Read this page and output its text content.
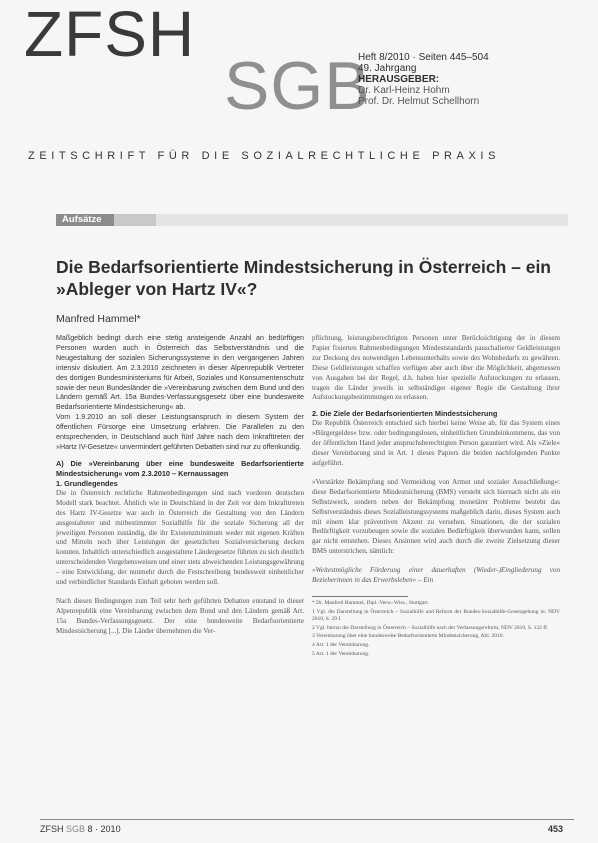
ZFSH
SGB
Heft 8/2010 · Seiten 445–504
49. Jahrgang
HERAUSGEBER:
Dr. Karl-Heinz Hohm
Prof. Dr. Helmut Schellhorn
ZEITSCHRIFT FÜR DIE SOZIALRECHTLICHE PRAXIS
Aufsätze
Die Bedarfsorientierte Mindestsicherung in Österreich – ein »Ableger von Hartz IV«?
Manfred Hammel*

Maßgeblich bedingt durch eine stetig ansteigende Anzahl an bedürftigen Personen wurden auch in Österreich das Selbstverständnis und die Neugestaltung der sozialen Sicherungssysteme in den vergangenen Jahren intensiv diskutiert. Am 2.3.2010 zeichneten in dieser Alpenrepublik Vertreter des dortigen Bundesministeriums für Arbeit, Soziales und Konsumentenschutz sowie der neun Bundesländer die »Vereinbarung zwischen dem Bund und den Ländern gemäß Art. 15a Bundes-Verfassungsgesetz über eine bundesweite Bedarfsorientierte Mindestsicherung« ab.

Vom 1.9.2010 an soll dieser Leistungsanspruch in diesem System der öffentlichen Fürsorge eine Umsetzung erfahren. Die Parallelen zu den entsprechenden, in Deutschland auch fünf Jahre nach dem Inkrafttreten der »Hartz IV-Gesetze« unvermindert geführten Debatten sind nur zu offenkundig.

A) Die »Vereinbarung über eine bundesweite Bedarfsorientierte Mindestsicherung« vom 2.3.2010 – Kernaussagen

1. Grundlegendes

Die in Österreich rechtliche Rahmenbedingungen sind nach vorderen deutschen Modell stark beachtet. Ähnlich wie in Deutschland in der Zeit vor dem Inkrafttreten des Hartz IV-Gesetze war auch in Österreich die Gestaltung von den Ländern ausgestalteter und mitbestimmter Sozialhilfe für die soziale Sicherung all der jeweiligen Personen zuständig, die ihr Existenzminimum weder mit eigenen Kräften und Mitteln noch über Leistungen der gesetzlichen Sozialversicherung decken konnten. Inhaltlich unterschiedlich ausgestaltete Ländergesetze führten zu sich deutlich unterscheidenden Vorgehensweisen und einer stets abweichenden Leistungsgewährung – eine Entwicklung, der nunmehr durch die Festschreibung bundesweit einheitlicher und verbindlicher Standards Einhalt geboten werden soll.

Nach diesen Bedingungen zum Teil sehr herb geführten Debatten entstand in dieser Alpenrepublik eine Vereinbarung zwischen dem Bund und den Ländern gemäß Art. 15a Bundes-Verfassungsgesetz. Der eine bundesweite Bedarfsorientierte Mindestsicherung [...]. Die Länder übernehmen die Ver-

pflichtung, leistungsberechtigten Personen unter Berücksichtigung der in diesem Papier fixierten Rahmenbedingungen Mindeststandards pauschalierter Geldleistungen zur Deckung des notwendigen Lebensunterhalts sowie des Wohnbedarfs zu gewähren. Diese Geldleistungen schaffen verfügen aber auch über die Möglichkeit, abgemessen von Ausgaben bei der Regel, d.h. haben hier spezielle Aufstockungen zu erlassen, tragen die Länder jeweils in selbständiger eigener Regie die Gestaltung ihrer Aufstockungsbestimmungen zu erlassen.

2. Die Ziele der Bedarfsorientierten Mindestsicherung

Die Republik Österreich entschied sich hierbei keine Weise ab, für das System eines »Bürgergeldes« bzw. oder bedingungslosen, einheitlichen Grundeinkommens, das von der öffentlichen Hand jeder anspruchsberechtigten Person garantiert wird. Als »Ziele« dieser Vereinbarung sind in Art. 1 dieses Papiers die beiden nachfolgenden Punkte aufgeführt.

»Verstärkte Bekämpfung und Vermeidung von Armut und sozialer Ausschließung«: diese Bedarfsorientierte Mindestsicherung (BMS) versteht sich hiernach nicht als ein Selbstzweck, sondern neben der Bekämpfung monetärer Probleme besteht das Selbstverständnis dieses Sozialleistungssystems maßgeblich darin, dieses System auch mit einem klar präventiven Akzent zu versehen. Situationen, die der sozialen Bedürftigkeit vorzubeugen sowie die sozialen Bedürftigkeit überwunden kann, sollen gar nicht entstehen. Dieses Ansinnen wird auch durch die zweite Zielsetzung dieser BMS unterstrichen, nämlich:

»Weitestmögliche Förderung einer dauerhaften (Wieder-)Eingliederung von Bezieherinnen in das Erwerbsleben« – Ein

* Dr. Manfred Hammel, Dipl.-Verw.-Wiss., Stuttgart.

1 Vgl. die Darstellung in Österreich – Sozialhilfe und Reform der Bundes-Sozialhilfe-Gesetzgebung in: NDV 2010, S. 29 f.

2 Vgl. hierzu die Darstellung in Österreich – Sozialhilfe nach der Verfassungsreform, NDV 2010, S. 132 ff.

3 Vereinbarung über eine bundesweite Bedarfsorientierte Mindestsicherung, Abl. 2010.

4 Art. 1 der Vereinbarung.

5 Art. 1 der Vereinbarung.

ZFSH SGB 8 · 2010	453
